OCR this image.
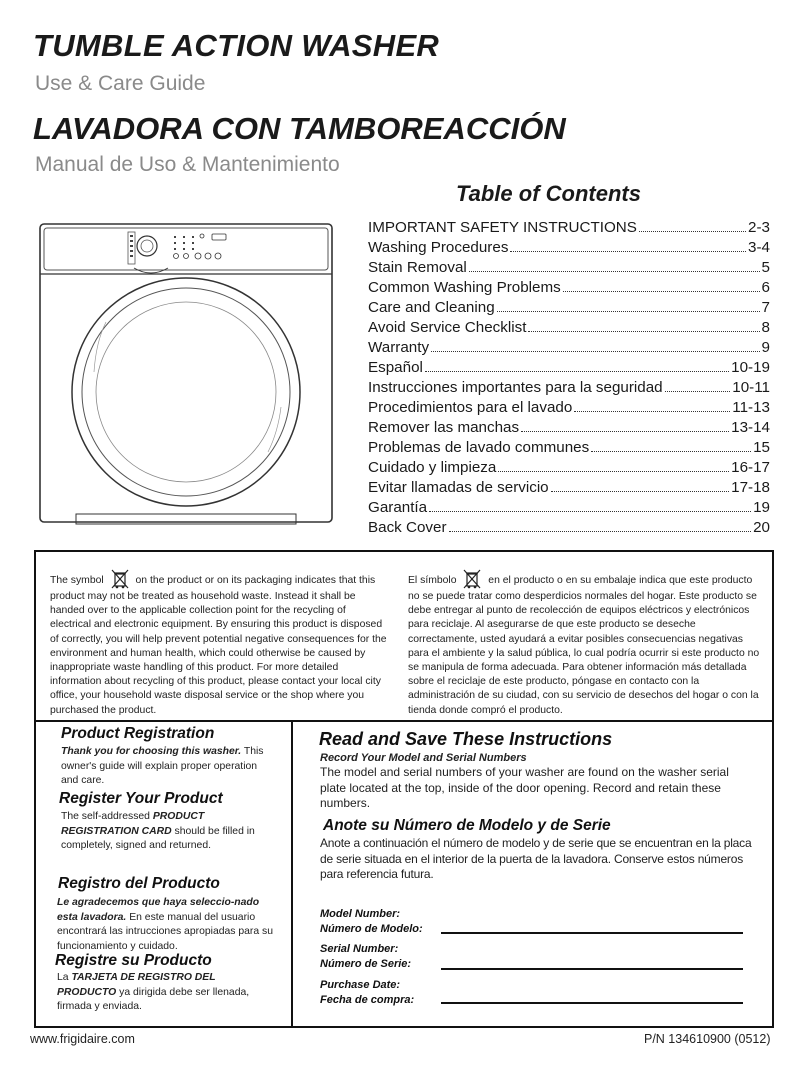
TUMBLE ACTION WASHER
Use & Care Guide
LAVADORA CON TAMBOREACCIÓN
Manual de Uso & Mantenimiento
Table of Contents
IMPORTANT SAFETY INSTRUCTIONS	2-3
Washing Procedures	3-4
Stain Removal	5
Common Washing Problems	6
Care and Cleaning	7
Avoid Service Checklist	8
Warranty	9
Español	10-19
Instrucciones importantes para la seguridad	10-11
Procedimientos para el lavado	11-13
Remover las manchas	13-14
Problemas de lavado communes	15
Cuidado y limpieza	16-17
Evitar llamadas de servicio	17-18
Garantía	19
Back Cover	20
The symbol	on the product or on its packaging indicates that this product may not be treated as household waste. Instead it shall be handed over to the applicable collection point for the recycling of electrical and electronic equipment. By ensuring this product is disposed of correctly, you will help prevent potential negative consequences for the environment and human health, which could otherwise be caused by inappropriate waste handling of this product. For more detailed information about recycling of this product, please contact your local city office, your household waste disposal service or the shop where you purchased the product.
El símbolo	en el producto o en su embalaje indica que este producto no se puede tratar como desperdicios normales del hogar. Este producto se debe entregar al punto de recolección de equipos eléctricos y electrónicos para reciclaje. Al asegurarse de que este producto se deseche correctamente, usted ayudará a evitar posibles consecuencias negativas para el ambiente y la salud pública, lo cual podría ocurrir si este producto no se manipula de forma adecuada. Para obtener información más detallada sobre el reciclaje de este producto, póngase en contacto con la administración de su ciudad, con su servicio de desechos del hogar o con la tienda donde compró el producto.
Product Registration
Thank you for choosing this washer. This owner's guide will explain proper operation and care.
Register Your Product
The self-addressed PRODUCT REGISTRATION CARD should be filled in completely, signed and returned.
Registro del Producto
Le agradecemos que haya seleccio-nado esta lavadora. En este manual del usuario encontrará las intrucciones apropiadas para su funcionamiento y cuidado.
Registre su Producto
La TARJETA DE REGISTRO DEL PRODUCTO ya dirigida debe ser llenada, firmada y enviada.
Read and Save These Instructions
Record Your Model and Serial Numbers
The model and serial numbers of your washer are found on the washer serial plate located at the top, inside of the door opening. Record and retain these numbers.
Anote su Número de Modelo y de Serie
Anote a continuación el número de modelo y de serie que se encuentran en la placa de serie situada en el interior de la puerta de la lavadora. Conserve estos números para referencia futura.
Model Number:
Número de Modelo:
Serial Number:
Número de Serie:
Purchase Date:
Fecha de compra:
www.frigidaire.com	P/N 134610900 (0512)
